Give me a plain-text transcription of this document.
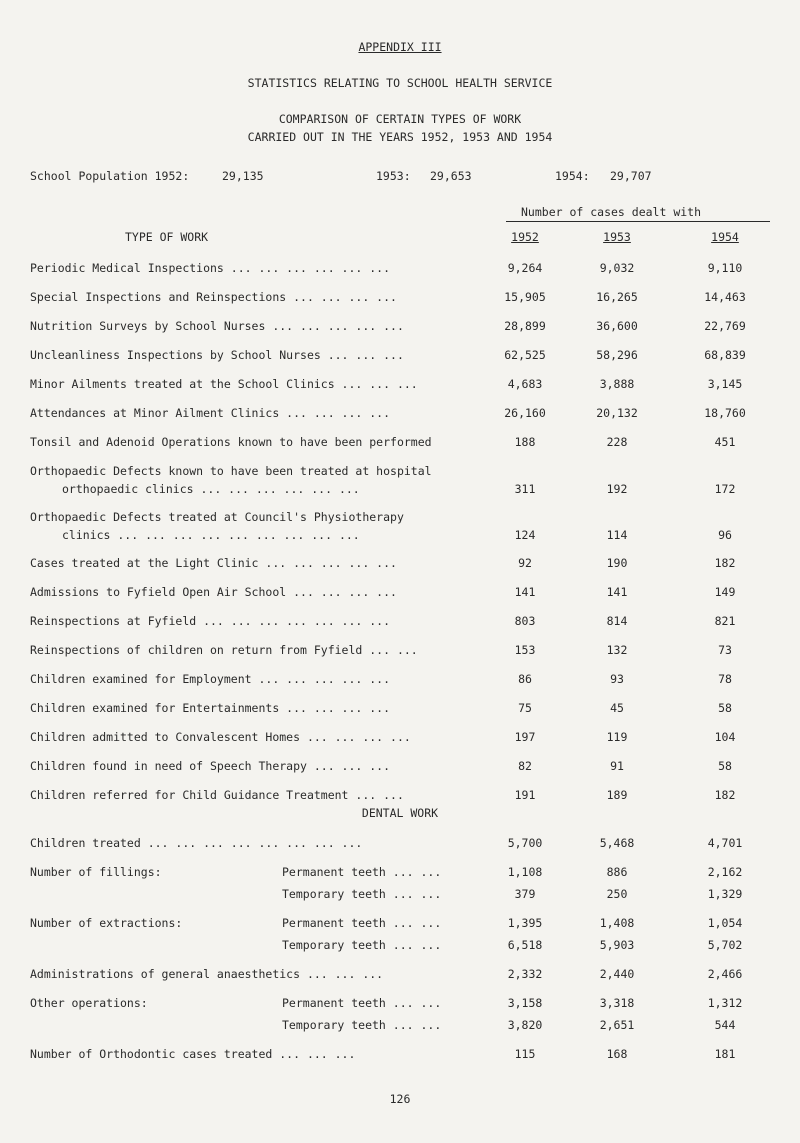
APPENDIX III
STATISTICS RELATING TO SCHOOL HEALTH SERVICE
COMPARISON OF CERTAIN TYPES OF WORK
CARRIED OUT IN THE YEARS 1952, 1953 AND 1954
School Population 1952:	29,135	1953: 29,653	1954: 29,707
Number of cases dealt with
TYPE OF WORK	1952	1953	1954
Periodic Medical Inspections ... ... ... ... ... ...	9,264	9,032	9,110
Special Inspections and Reinspections ... ... ... ...	15,905	16,265	14,463
Nutrition Surveys by School Nurses ... ... ... ... ...	28,899	36,600	22,769
Uncleanliness Inspections by School Nurses ... ... ...	62,525	58,296	68,839
Minor Ailments treated at the School Clinics ... ... ...	4,683	3,888	3,145
Attendances at Minor Ailment Clinics ... ... ... ...	26,160	20,132	18,760
Tonsil and Adenoid Operations known to have been performed	188	228	451
Orthopaedic Defects known to have been treated at hospital
orthopaedic clinics ... ... ... ... ... ...	311	192	172
Orthopaedic Defects treated at Council's Physiotherapy
clinics ... ... ... ... ... ... ... ... ...	124	114	96
Cases treated at the Light Clinic ... ... ... ... ...	92	190	182
Admissions to Fyfield Open Air School ... ... ... ...	141	141	149
Reinspections at Fyfield ... ... ... ... ... ... ...	803	814	821
Reinspections of children on return from Fyfield ... ...	153	132	73
Children examined for Employment ... ... ... ... ...	86	93	78
Children examined for Entertainments ... ... ... ...	75	45	58
Children admitted to Convalescent Homes ... ... ... ...	197	119	104
Children found in need of Speech Therapy ... ... ...	82	91	58
Children referred for Child Guidance Treatment ... ...	191	189	182
DENTAL WORK
Children treated ... ... ... ... ... ... ... ...	5,700	5,468	4,701
Number of fillings:	Permanent teeth ... ...	1,108	886	2,162
Temporary teeth ... ...	379	250	1,329
Number of extractions:	Permanent teeth ... ...	1,395	1,408	1,054
Temporary teeth ... ...	6,518	5,903	5,702
Administrations of general anaesthetics ... ... ...	2,332	2,440	2,466
Other operations:	Permanent teeth ... ...	3,158	3,318	1,312
Temporary teeth ... ...	3,820	2,651	544
Number of Orthodontic cases treated ... ... ...	115	168	181
126
